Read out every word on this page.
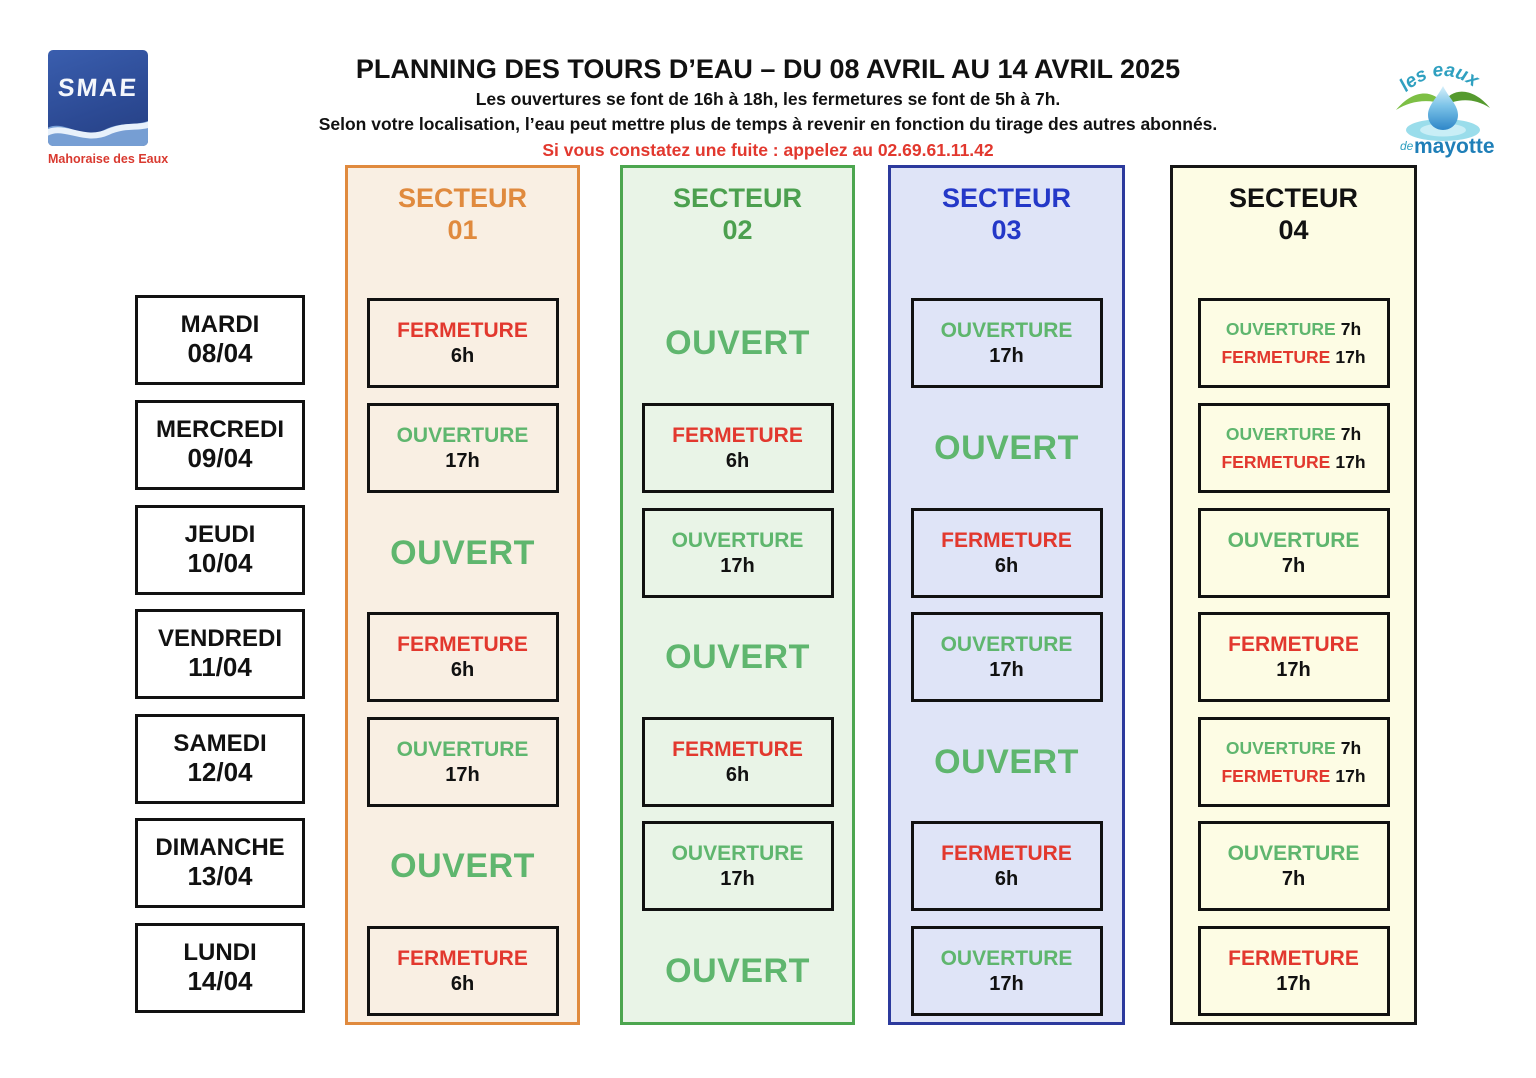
SMAE
Mahoraise des Eaux
PLANNING DES TOURS D’EAU – DU 08 AVRIL AU 14 AVRIL 2025

Les ouvertures se font de 16h à 18h, les fermetures se font de 5h à 7h.

Selon votre localisation, l’eau peut mettre plus de temps à revenir en fonction du tirage des autres abonnés.

Si vous constatez une fuite : appelez au 02.69.61.11.42

les eaux
de mayotte
MARDI
08/04
MERCREDI
09/04
JEUDI
10/04
VENDREDI
11/04
SAMEDI
12/04
DIMANCHE
13/04
LUNDI
14/04
SECTEUR
01
FERMETURE
6h
OUVERTURE
17h
OUVERT
FERMETURE
6h
OUVERTURE
17h
OUVERT
FERMETURE
6h
SECTEUR
02
OUVERT
FERMETURE
6h
OUVERTURE
17h
OUVERT
FERMETURE
6h
OUVERTURE
17h
OUVERT
SECTEUR
03
OUVERTURE
17h
OUVERT
FERMETURE
6h
OUVERTURE
17h
OUVERT
FERMETURE
6h
OUVERTURE
17h
SECTEUR
04
OUVERTURE 7h
FERMETURE 17h
OUVERTURE 7h
FERMETURE 17h
OUVERTURE
7h
FERMETURE
17h
OUVERTURE 7h
FERMETURE 17h
OUVERTURE
7h
FERMETURE
17h
